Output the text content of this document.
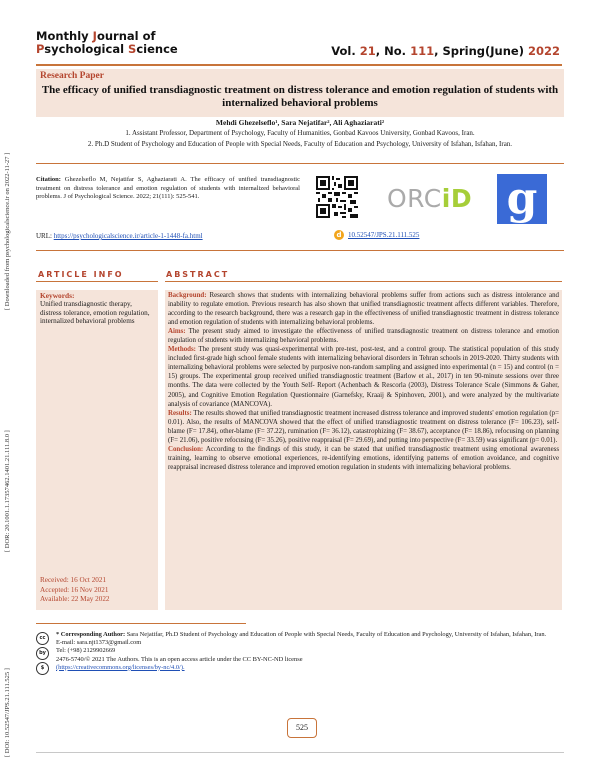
Monthly Journal of
Psychological Science	Vol. 21, No. 111, Spring(June) 2022
Research Paper
The efficacy of unified transdiagnostic treatment on distress tolerance and emotion regulation of students with internalized behavioral problems
Mehdi Ghezelseflo¹, Sara Nejatifar², Ali Aghaziarati²
1. Assistant Professor, Department of Psychology, Faculty of Humanities, Gonbad Kavoos University, Gonbad Kavoos, Iran.
2. Ph.D Student of Psychology and Education of People with Special Needs, Faculty of Education and Psychology, University of Isfahan, Isfahan, Iran.
Citation: Ghezelseflo M, Nejatifar S, Aghaziarati A. The efficacy of unified transdiagnostic treatment on distress tolerance and emotion regulation of students with internalized behavioral problems. J of Psychological Science. 2022; 21(111): 525-541.
URL: https://psychologicalscience.ir/article-1-1448-fa.html
ORCiD g
d 10.52547/JPS.21.111.525
ARTICLE INFO	ABSTRACT
Keywords:
Unified transdiagnostic therapy, distress tolerance, emotion regulation, internalized behavioral problems
Received: 16 Oct 2021
Accepted: 16 Nov 2021
Available: 22 May 2022
Background: Research shows that students with internalizing behavioral problems suffer from actions such as distress intolerance and inability to regulate emotion. Previous research has also shown that unified transdiagnostic treatment affects different variables. Therefore, according to the research background, there was a research gap in the effectiveness of unified transdiagnostic treatment in distress tolerance and emotion regulation of students with internalizing behavioral problems.
Aims: The present study aimed to investigate the effectiveness of unified transdiagnostic treatment on distress tolerance and emotion regulation of students with internalizing behavioral problems.
Methods: The present study was quasi-experimental with pre-test, post-test, and a control group. The statistical population of this study included first-grade high school female students with internalizing behavioral disorders in Tehran schools in 2019-2020. Thirty students with internalizing behavioral problems were selected by purposive non-random sampling and assigned into experimental (n = 15) and control (n = 15) groups. The experimental group received unified transdiagnostic treatment (Barlow et al., 2017) in ten 90-minute sessions over three months. The data were collected by the Youth Self- Report (Achenbach & Rescorla (2003), Distress Tolerance Scale (Simmons & Gaher, 2005), and Cognitive Emotion Regulation Questionnaire (Garnefsky, Kraaij & Spinhoven, 2001), and were analyzed by the multivariate analysis of covariance (MANCOVA).
Results: The results showed that unified transdiagnostic treatment increased distress tolerance and improved students' emotion regulation (p= 0.01). Also, the results of MANCOVA showed that the effect of unified transdiagnostic treatment on distress tolerance (F= 106.23), self-blame (F= 17.84), other-blame (F= 37.22), rumination (F= 36.12), catastrophizing (F= 38.67), acceptance (F= 18.86), refocusing on planning (F= 21.06), positive refocusing (F= 35.26), positive reappraisal (F= 29.69), and putting into perspective (F= 33.59) was significant (p= 0.01).
Conclusion: According to the findings of this study, it can be stated that unified transdiagnostic treatment using emotional awareness training, learning to observe emotional experiences, re-identifying emotions, identifying patterns of emotion avoidance, and cognitive reappraisal increased distress tolerance and improved emotion regulation in students with internalizing behavioral problems.
cc
by
$
* Corresponding Author: Sara Nejatifar, Ph.D Student of Psychology and Education of People with Special Needs, Faculty of Education and Psychology, University of Isfahan, Isfahan, Iran.
E-mail: sara.njt1373@gmail.com
Tel: (+98) 2129902669
2476-5740/© 2021 The Authors. This is an open access article under the CC BY-NC-ND license
(https://creativecommons.org/licenses/by-nc/4.0/).
525
[ Downloaded from psychologicalscience.ir on 2022-11-27 ]
[ DOR: 20.1001.1.17357462.1401.21.111.8.0 ]
[ DOI: 10.52547/JPS.21.111.525 ]
